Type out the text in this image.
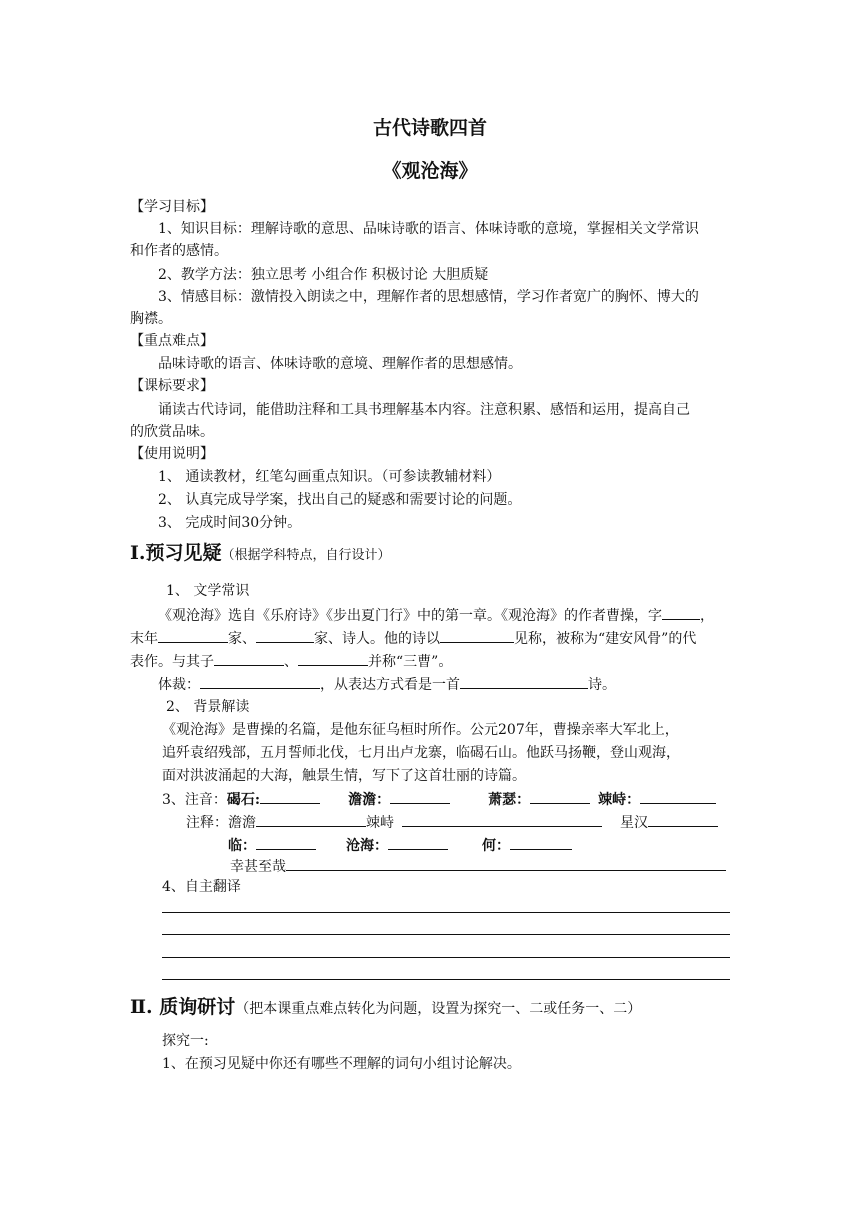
古代诗歌四首
《观沧海》
【学习目标】
1、知识目标：理解诗歌的意思、品味诗歌的语言、体味诗歌的意境，掌握相关文学常识
和作者的感情。
2、教学方法：独立思考 小组合作 积极讨论 大胆质疑
3、情感目标：激情投入朗读之中，理解作者的思想感情，学习作者宽广的胸怀、博大的
胸襟。
【重点难点】
品味诗歌的语言、体味诗歌的意境、理解作者的思想感情。
【课标要求】
诵读古代诗词，能借助注释和工具书理解基本内容。注意积累、感悟和运用，提高自己
的欣赏品味。
【使用说明】
1、 通读教材，红笔勾画重点知识。（可参读教辅材料）
2、 认真完成导学案，找出自己的疑惑和需要讨论的问题。
3、 完成时间30分钟。
Ⅰ.预习见疑（根据学科特点，自行设计）
1、 文学常识
《观沧海》选自《乐府诗》《步出夏门行》中的第一章。《观沧海》的作者曹操，字	，
末年	家、	家、诗人。他的诗以	见称，被称为“建安风骨”的代
表作。与其子	、	并称“三曹”。
体裁：	，从表达方式看是一首	诗。
2、 背景解读
《观沧海》是曹操的名篇，是他东征乌桓时所作。公元207年，曹操亲率大军北上，
追歼袁绍残部，五月誓师北伐，七月出卢龙寨，临碣石山。他跃马扬鞭，登山观海，
面对洪波涌起的大海，触景生情，写下了这首壮丽的诗篇。
3、注音：碣石:	澹澹：	萧瑟：	竦峙：
注释：澹澹	竦峙	星汉
临：	沧海：	何：
幸甚至哉
4、自主翻译
Ⅱ. 质询研讨（把本课重点难点转化为问题，设置为探究一、二或任务一、二）
探究一:
1、在预习见疑中你还有哪些不理解的词句小组讨论解决。
